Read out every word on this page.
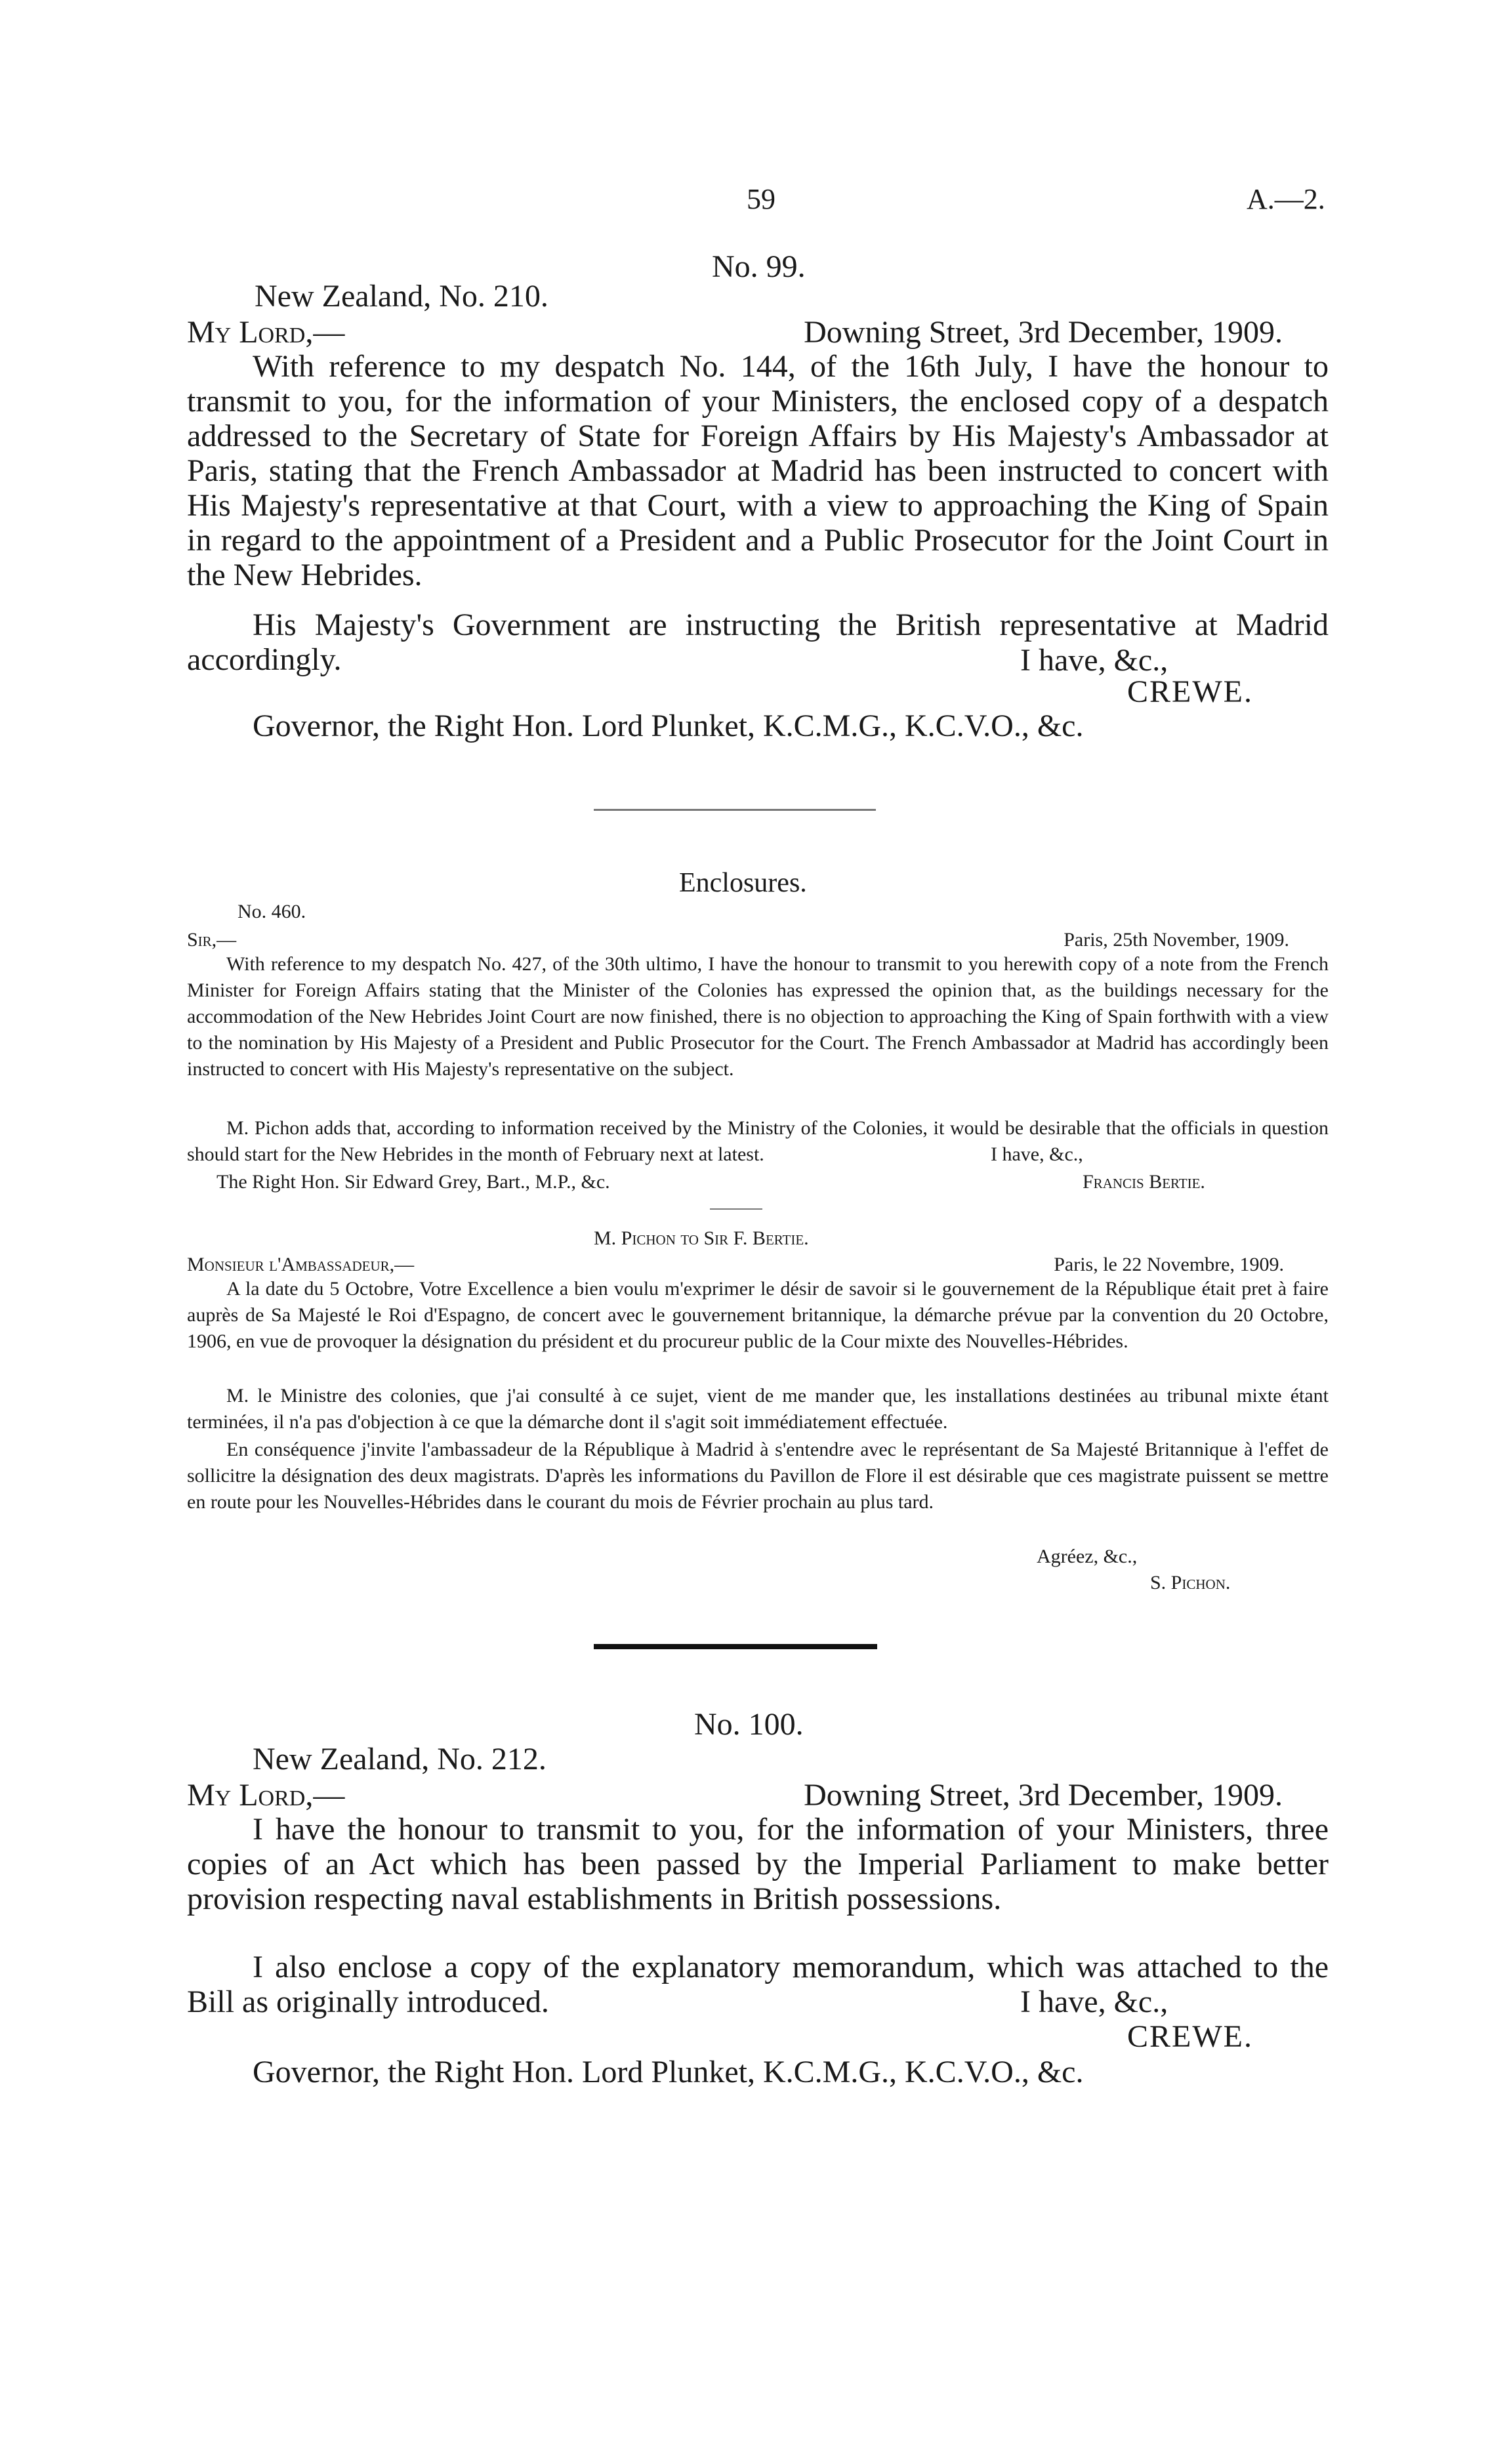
59	A.—2.
No. 99.
New Zealand, No. 210.
My Lord,—	Downing Street, 3rd December, 1909.
With reference to my despatch No. 144, of the 16th July, I have the honour to transmit to you, for the information of your Ministers, the enclosed copy of a despatch addressed to the Secretary of State for Foreign Affairs by His Majesty's Ambassador at Paris, stating that the French Ambassador at Madrid has been instructed to concert with His Majesty's representative at that Court, with a view to approaching the King of Spain in regard to the appointment of a President and a Public Prosecutor for the Joint Court in the New Hebrides.
His Majesty's Government are instructing the British representative at Madrid accordingly.	I have, &c.,
CREWE.
Governor, the Right Hon. Lord Plunket, K.C.M.G., K.C.V.O., &c.
Enclosures.
No. 460.
Sir,—	Paris, 25th November, 1909.
With reference to my despatch No. 427, of the 30th ultimo, I have the honour to transmit to you herewith copy of a note from the French Minister for Foreign Affairs stating that the Minister of the Colonies has expressed the opinion that, as the buildings necessary for the accommodation of the New Hebrides Joint Court are now finished, there is no objection to approaching the King of Spain forthwith with a view to the nomination by His Majesty of a President and Public Prosecutor for the Court. The French Ambassador at Madrid has accordingly been instructed to concert with His Majesty's representative on the subject.
M. Pichon adds that, according to information received by the Ministry of the Colonies, it would be desirable that the officials in question should start for the New Hebrides in the month of February next at latest.	I have, &c.,
The Right Hon. Sir Edward Grey, Bart., M.P., &c.	Francis Bertie.
M. Pichon to Sir F. Bertie.
Monsieur l'Ambassadeur,—	Paris, le 22 Novembre, 1909.
A la date du 5 Octobre, Votre Excellence a bien voulu m'exprimer le désir de savoir si le gouvernement de la République était pret à faire auprès de Sa Majesté le Roi d'Espagno, de concert avec le gouvernement britannique, la démarche prévue par la convention du 20 Octobre, 1906, en vue de provoquer la désignation du président et du procureur public de la Cour mixte des Nouvelles-Hébrides.
M. le Ministre des colonies, que j'ai consulté à ce sujet, vient de me mander que, les installations destinées au tribunal mixte étant terminées, il n'a pas d'objection à ce que la démarche dont il s'agit soit immédiatement effectuée.
En conséquence j'invite l'ambassadeur de la République à Madrid à s'entendre avec le représentant de Sa Majesté Britannique à l'effet de sollicitre la désignation des deux magistrats. D'après les informations du Pavillon de Flore il est désirable que ces magistrate puissent se mettre en route pour les Nouvelles-Hébrides dans le courant du mois de Février prochain au plus tard.
Agréez, &c.,
S. Pichon.
No. 100.
New Zealand, No. 212.
My Lord,—	Downing Street, 3rd December, 1909.
I have the honour to transmit to you, for the information of your Ministers, three copies of an Act which has been passed by the Imperial Parliament to make better provision respecting naval establishments in British possessions.
I also enclose a copy of the explanatory memorandum, which was attached to the Bill as originally introduced.	I have, &c.,
CREWE.
Governor, the Right Hon. Lord Plunket, K.C.M.G., K.C.V.O., &c.
